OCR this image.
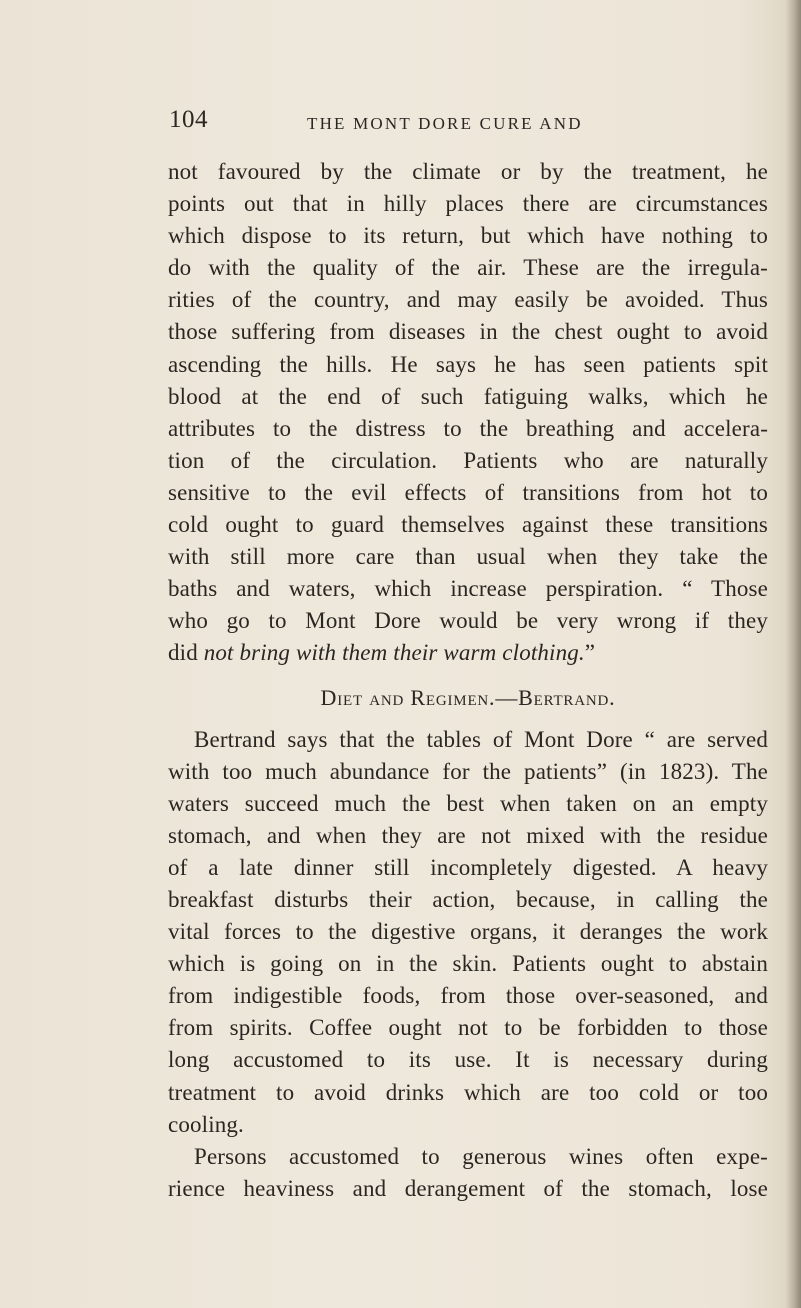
104	THE MONT DORE CURE AND
not favoured by the climate or by the treatment, he
points out that in hilly places there are circumstances
which dispose to its return, but which have nothing to
do with the quality of the air. These are the irregula-
rities of the country, and may easily be avoided. Thus
those suffering from diseases in the chest ought to avoid
ascending the hills. He says he has seen patients spit
blood at the end of such fatiguing walks, which he
attributes to the distress to the breathing and accelera-
tion of the circulation. Patients who are naturally
sensitive to the evil effects of transitions from hot to
cold ought to guard themselves against these transitions
with still more care than usual when they take the
baths and waters, which increase perspiration. “ Those
who go to Mont Dore would be very wrong if they
did not bring with them their warm clothing.”
Diet and Regimen.—Bertrand.
Bertrand says that the tables of Mont Dore “ are served
with too much abundance for the patients” (in 1823). The
waters succeed much the best when taken on an empty
stomach, and when they are not mixed with the residue
of a late dinner still incompletely digested. A heavy
breakfast disturbs their action, because, in calling the
vital forces to the digestive organs, it deranges the work
which is going on in the skin. Patients ought to abstain
from indigestible foods, from those over-seasoned, and
from spirits. Coffee ought not to be forbidden to those
long accustomed to its use. It is necessary during
treatment to avoid drinks which are too cold or too
cooling.
Persons accustomed to generous wines often expe-
rience heaviness and derangement of the stomach, lose
